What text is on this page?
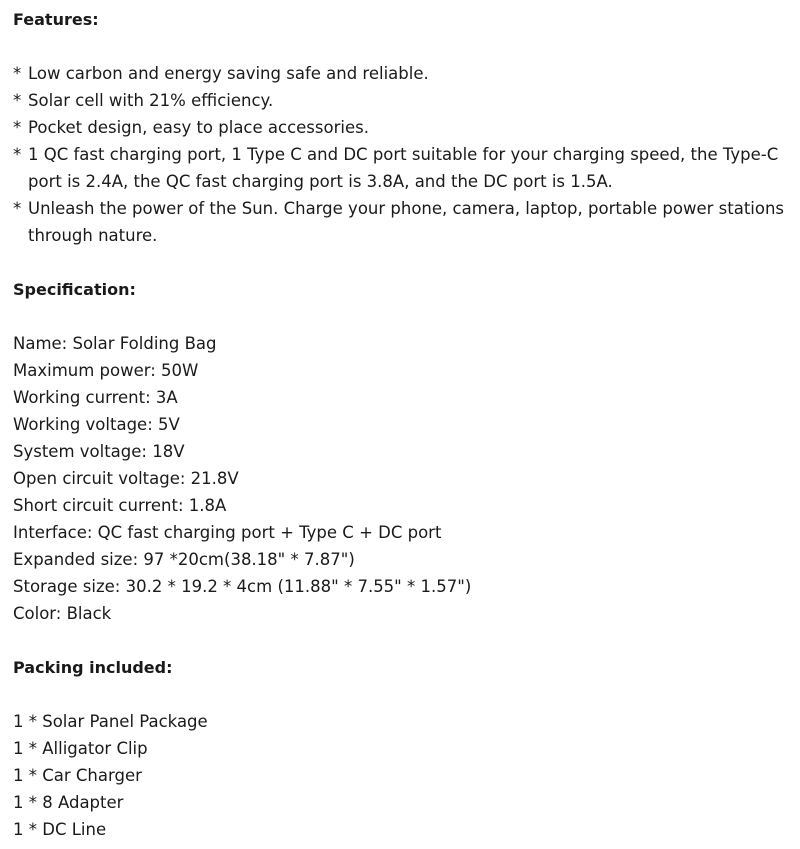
Features:
* Low carbon and energy saving safe and reliable.
* Solar cell with 21% efficiency.
* Pocket design, easy to place accessories.
* 1 QC fast charging port, 1 Type C and DC port suitable for your charging speed, the Type-C port is 2.4A, the QC fast charging port is 3.8A, and the DC port is 1.5A.
* Unleash the power of the Sun. Charge your phone, camera, laptop, portable power stations through nature.
Specification:
Name: Solar Folding Bag
Maximum power: 50W
Working current: 3A
Working voltage: 5V
System voltage: 18V
Open circuit voltage: 21.8V
Short circuit current: 1.8A
Interface: QC fast charging port + Type C + DC port
Expanded size: 97 *20cm(38.18" * 7.87")
Storage size: 30.2 * 19.2 * 4cm (11.88" * 7.55" * 1.57")
Color: Black
Packing included:
1 * Solar Panel Package
1 * Alligator Clip
1 * Car Charger
1 * 8 Adapter
1 * DC Line
